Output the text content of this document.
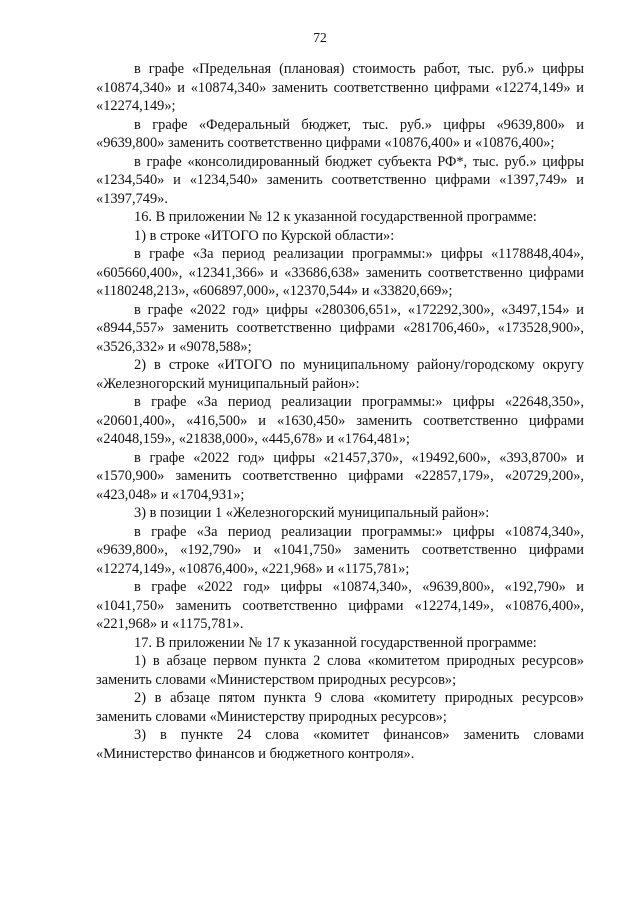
72

в графе «Предельная (плановая) стоимость работ, тыс. руб.» цифры «10874,340» и «10874,340» заменить соответственно цифрами «12274,149» и «12274,149»;

в графе «Федеральный бюджет, тыс. руб.» цифры «9639,800» и «9639,800» заменить соответственно цифрами «10876,400» и «10876,400»;

в графе «консолидированный бюджет субъекта РФ*, тыс. руб.» цифры «1234,540» и «1234,540» заменить соответственно цифрами «1397,749» и «1397,749».

16. В приложении № 12 к указанной государственной программе:

1) в строке «ИТОГО по Курской области»:

в графе «За период реализации программы:» цифры «1178848,404», «605660,400», «12341,366» и «33686,638» заменить соответственно цифрами «1180248,213», «606897,000», «12370,544» и «33820,669»;

в графе «2022 год» цифры «280306,651», «172292,300», «3497,154» и «8944,557» заменить соответственно цифрами «281706,460», «173528,900», «3526,332» и «9078,588»;

2) в строке «ИТОГО по муниципальному району/городскому округу «Железногорский муниципальный район»:

в графе «За период реализации программы:» цифры «22648,350», «20601,400», «416,500» и «1630,450» заменить соответственно цифрами «24048,159», «21838,000», «445,678» и «1764,481»;

в графе «2022 год» цифры «21457,370», «19492,600», «393,8700» и «1570,900» заменить соответственно цифрами «22857,179», «20729,200», «423,048» и «1704,931»;

3) в позиции 1 «Железногорский муниципальный район»:

в графе «За период реализации программы:» цифры «10874,340», «9639,800», «192,790» и «1041,750» заменить соответственно цифрами «12274,149», «10876,400», «221,968» и «1175,781»;

в графе «2022 год» цифры «10874,340», «9639,800», «192,790» и «1041,750» заменить соответственно цифрами «12274,149», «10876,400», «221,968» и «1175,781».

17. В приложении № 17 к указанной государственной программе:

1) в абзаце первом пункта 2 слова «комитетом природных ресурсов» заменить словами «Министерством природных ресурсов»;

2) в абзаце пятом пункта 9 слова «комитету природных ресурсов» заменить словами «Министерству природных ресурсов»;

3) в пункте 24 слова «комитет финансов» заменить словами «Министерство финансов и бюджетного контроля».
